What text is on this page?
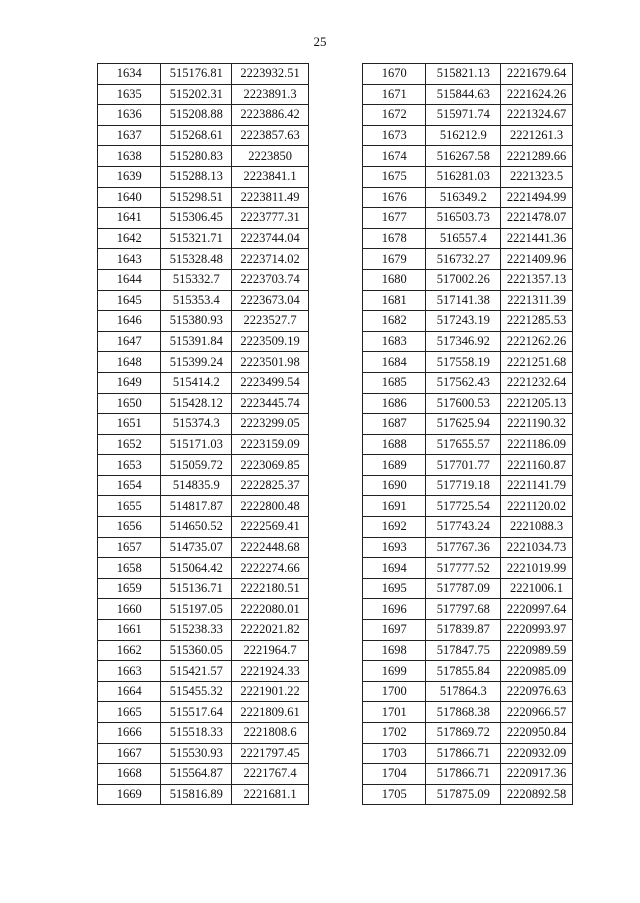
25
1634	515176.81	2223932.51
1635	515202.31	2223891.3
1636	515208.88	2223886.42
1637	515268.61	2223857.63
1638	515280.83	2223850
1639	515288.13	2223841.1
1640	515298.51	2223811.49
1641	515306.45	2223777.31
1642	515321.71	2223744.04
1643	515328.48	2223714.02
1644	515332.7	2223703.74
1645	515353.4	2223673.04
1646	515380.93	2223527.7
1647	515391.84	2223509.19
1648	515399.24	2223501.98
1649	515414.2	2223499.54
1650	515428.12	2223445.74
1651	515374.3	2223299.05
1652	515171.03	2223159.09
1653	515059.72	2223069.85
1654	514835.9	2222825.37
1655	514817.87	2222800.48
1656	514650.52	2222569.41
1657	514735.07	2222448.68
1658	515064.42	2222274.66
1659	515136.71	2222180.51
1660	515197.05	2222080.01
1661	515238.33	2222021.82
1662	515360.05	2221964.7
1663	515421.57	2221924.33
1664	515455.32	2221901.22
1665	515517.64	2221809.61
1666	515518.33	2221808.6
1667	515530.93	2221797.45
1668	515564.87	2221767.4
1669	515816.89	2221681.1
1670	515821.13	2221679.64
1671	515844.63	2221624.26
1672	515971.74	2221324.67
1673	516212.9	2221261.3
1674	516267.58	2221289.66
1675	516281.03	2221323.5
1676	516349.2	2221494.99
1677	516503.73	2221478.07
1678	516557.4	2221441.36
1679	516732.27	2221409.96
1680	517002.26	2221357.13
1681	517141.38	2221311.39
1682	517243.19	2221285.53
1683	517346.92	2221262.26
1684	517558.19	2221251.68
1685	517562.43	2221232.64
1686	517600.53	2221205.13
1687	517625.94	2221190.32
1688	517655.57	2221186.09
1689	517701.77	2221160.87
1690	517719.18	2221141.79
1691	517725.54	2221120.02
1692	517743.24	2221088.3
1693	517767.36	2221034.73
1694	517777.52	2221019.99
1695	517787.09	2221006.1
1696	517797.68	2220997.64
1697	517839.87	2220993.97
1698	517847.75	2220989.59
1699	517855.84	2220985.09
1700	517864.3	2220976.63
1701	517868.38	2220966.57
1702	517869.72	2220950.84
1703	517866.71	2220932.09
1704	517866.71	2220917.36
1705	517875.09	2220892.58
